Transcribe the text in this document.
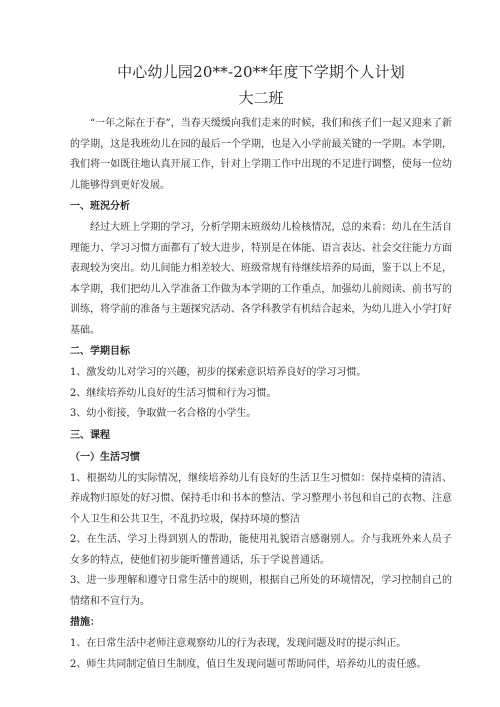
中心幼儿园20**-20**年度下学期个人计划
大二班

“一年之际在于春”，当春天缓缓向我们走来的时候，我们和孩子们一起又迎来了新的学期，这是我班幼儿在园的最后一个学期，也是入小学前最关键的一学期。本学期，我们将一如既往地认真开展工作，针对上学期工作中出现的不足进行调整，使每一位幼儿能够得到更好发展。

一、班況分析

经过大班上学期的学习，分析学期末班级幼儿检核情况，总的来看：幼儿在生活自理能力、学习习惯方面都有了较大进步，特别是在体能、语言表达、社会交往能力方面表现较为突出。幼儿间能力相差较大、班级常规有待继续培养的局面，鉴于以上不足，本学期，我们把幼儿入学准备工作做为本学期的工作重点，加强幼儿前阅读、前书写的训练，将学前的准备与主题探究活动、各学科教学有机结合起来，为幼儿进入小学打好基础。

二、学期目标

1、激发幼儿对学习的兴趣，初步的探索意识培养良好的学习习惯。

2、继续培养幼儿良好的生活习惯和行为习惯。

3、幼小衔接，争取做一名合格的小学生。

三、课程

（一）生活习惯

1、根据幼儿的实际情况，继续培养幼儿有良好的生活卫生习惯如：保持桌椅的清洁、养成物归原处的好习惯、保持毛巾和书本的整洁、学习整理小书包和自己的衣物、注意个人卫生和公共卫生，不乱扔垃圾，保持环境的整洁

2、在生活、学习上得到别人的帮助，能使用礼貌语言感谢别人。介与我班外来人员子女多的特点，使他们初步能听懂普通话，乐于学说普通话。

3、进一步理解和遵守日常生活中的规则，根据自己所处的环境情况，学习控制自己的情绪和不宣行为。

措施：

1、在日常生活中老师注意观察幼儿的行为表现，发现问题及时的提示纠正。

2、师生共同制定值日生制度，值日生发现问题可帮助同伴，培养幼儿的责任感。
